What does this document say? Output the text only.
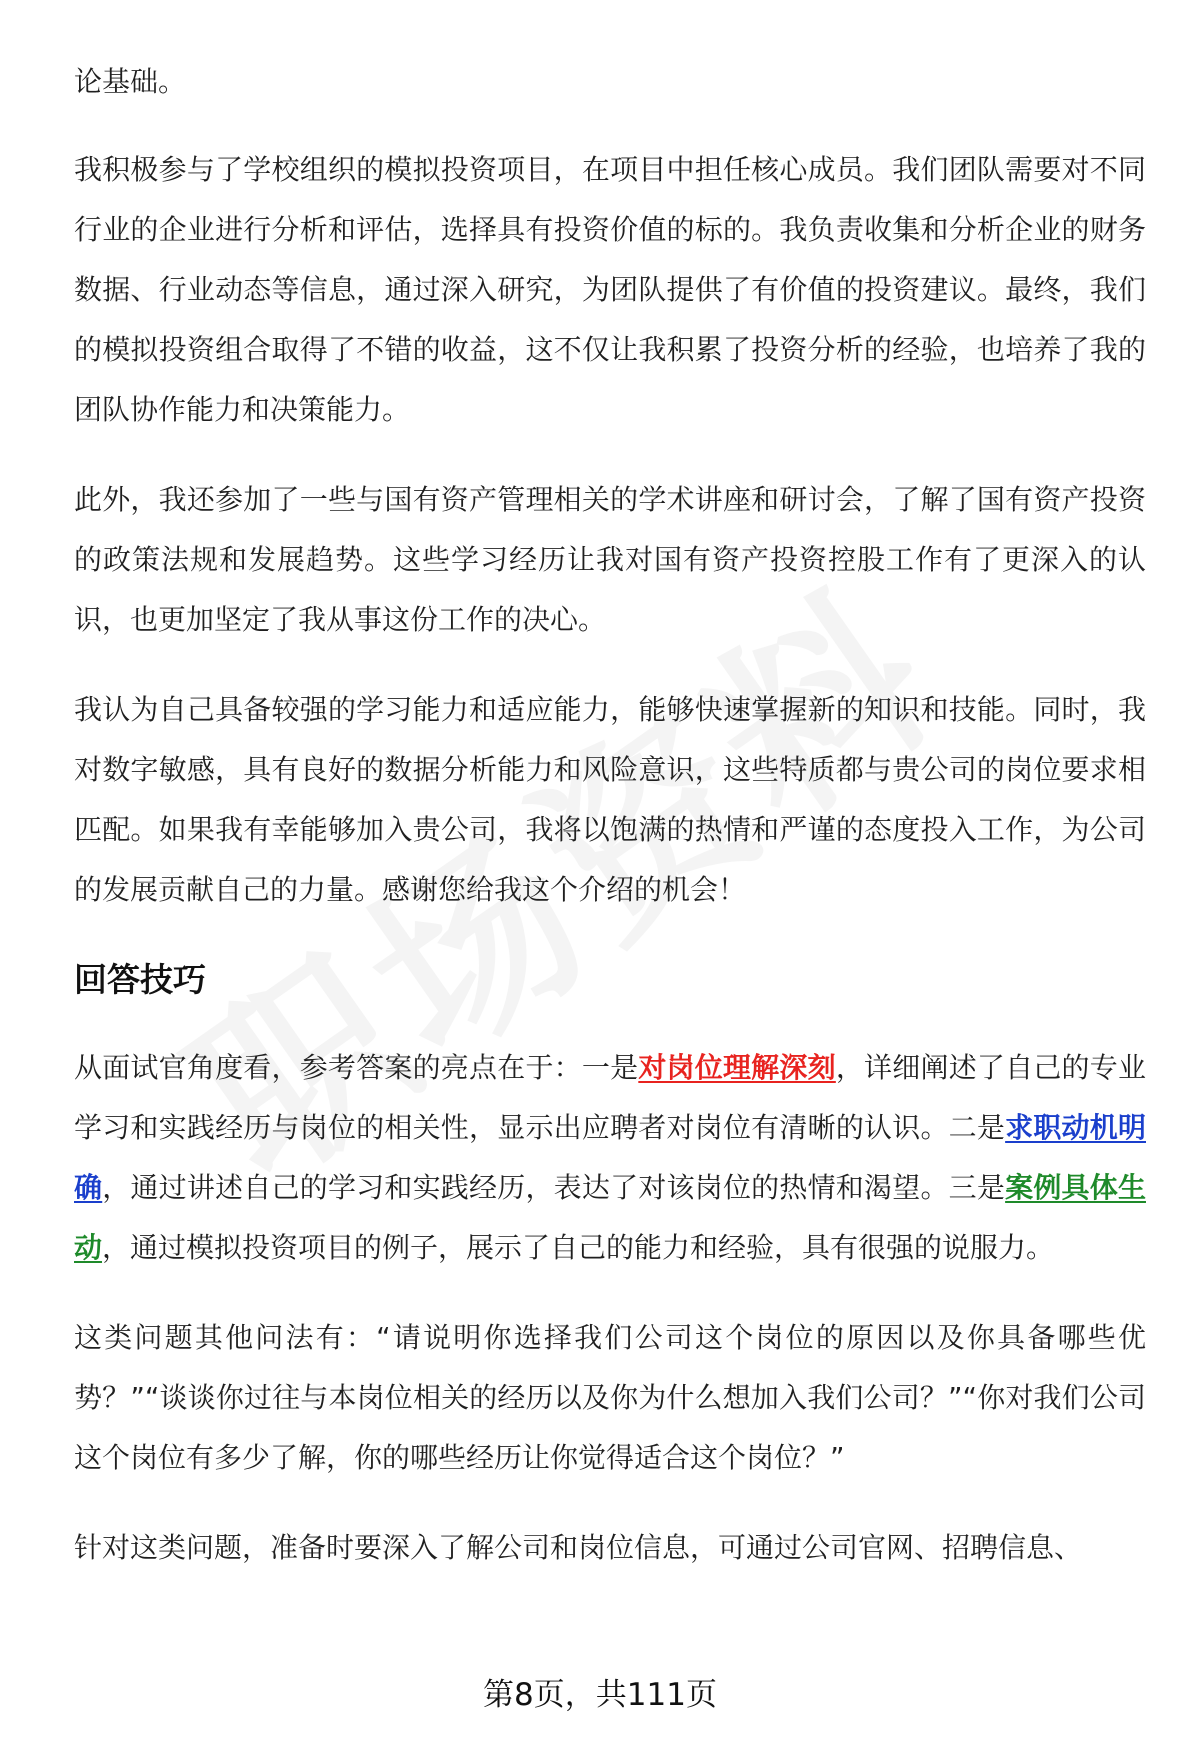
论基础。

我积极参与了学校组织的模拟投资项目，在项目中担任核心成员。我们团队需要对不同行业的企业进行分析和评估，选择具有投资价值的标的。我负责收集和分析企业的财务数据、行业动态等信息，通过深入研究，为团队提供了有价值的投资建议。最终，我们的模拟投资组合取得了不错的收益，这不仅让我积累了投资分析的经验，也培养了我的团队协作能力和决策能力。

此外，我还参加了一些与国有资产管理相关的学术讲座和研讨会，了解了国有资产投资的政策法规和发展趋势。这些学习经历让我对国有资产投资控股工作有了更深入的认识，也更加坚定了我从事这份工作的决心。

我认为自己具备较强的学习能力和适应能力，能够快速掌握新的知识和技能。同时，我对数字敏感，具有良好的数据分析能力和风险意识，这些特质都与贵公司的岗位要求相匹配。如果我有幸能够加入贵公司，我将以饱满的热情和严谨的态度投入工作，为公司的发展贡献自己的力量。感谢您给我这个介绍的机会！

回答技巧

从面试官角度看，参考答案的亮点在于：一是对岗位理解深刻，详细阐述了自己的专业学习和实践经历与岗位的相关性，显示出应聘者对岗位有清晰的认识。二是求职动机明确，通过讲述自己的学习和实践经历，表达了对该岗位的热情和渴望。三是案例具体生动，通过模拟投资项目的例子，展示了自己的能力和经验，具有很强的说服力。

这类问题其他问法有：“请说明你选择我们公司这个岗位的原因以及你具备哪些优势？”“谈谈你过往与本岗位相关的经历以及你为什么想加入我们公司？”“你对我们公司这个岗位有多少了解，你的哪些经历让你觉得适合这个岗位？”

针对这类问题，准备时要深入了解公司和岗位信息，可通过公司官网、招聘信息、

第8页，共111页
